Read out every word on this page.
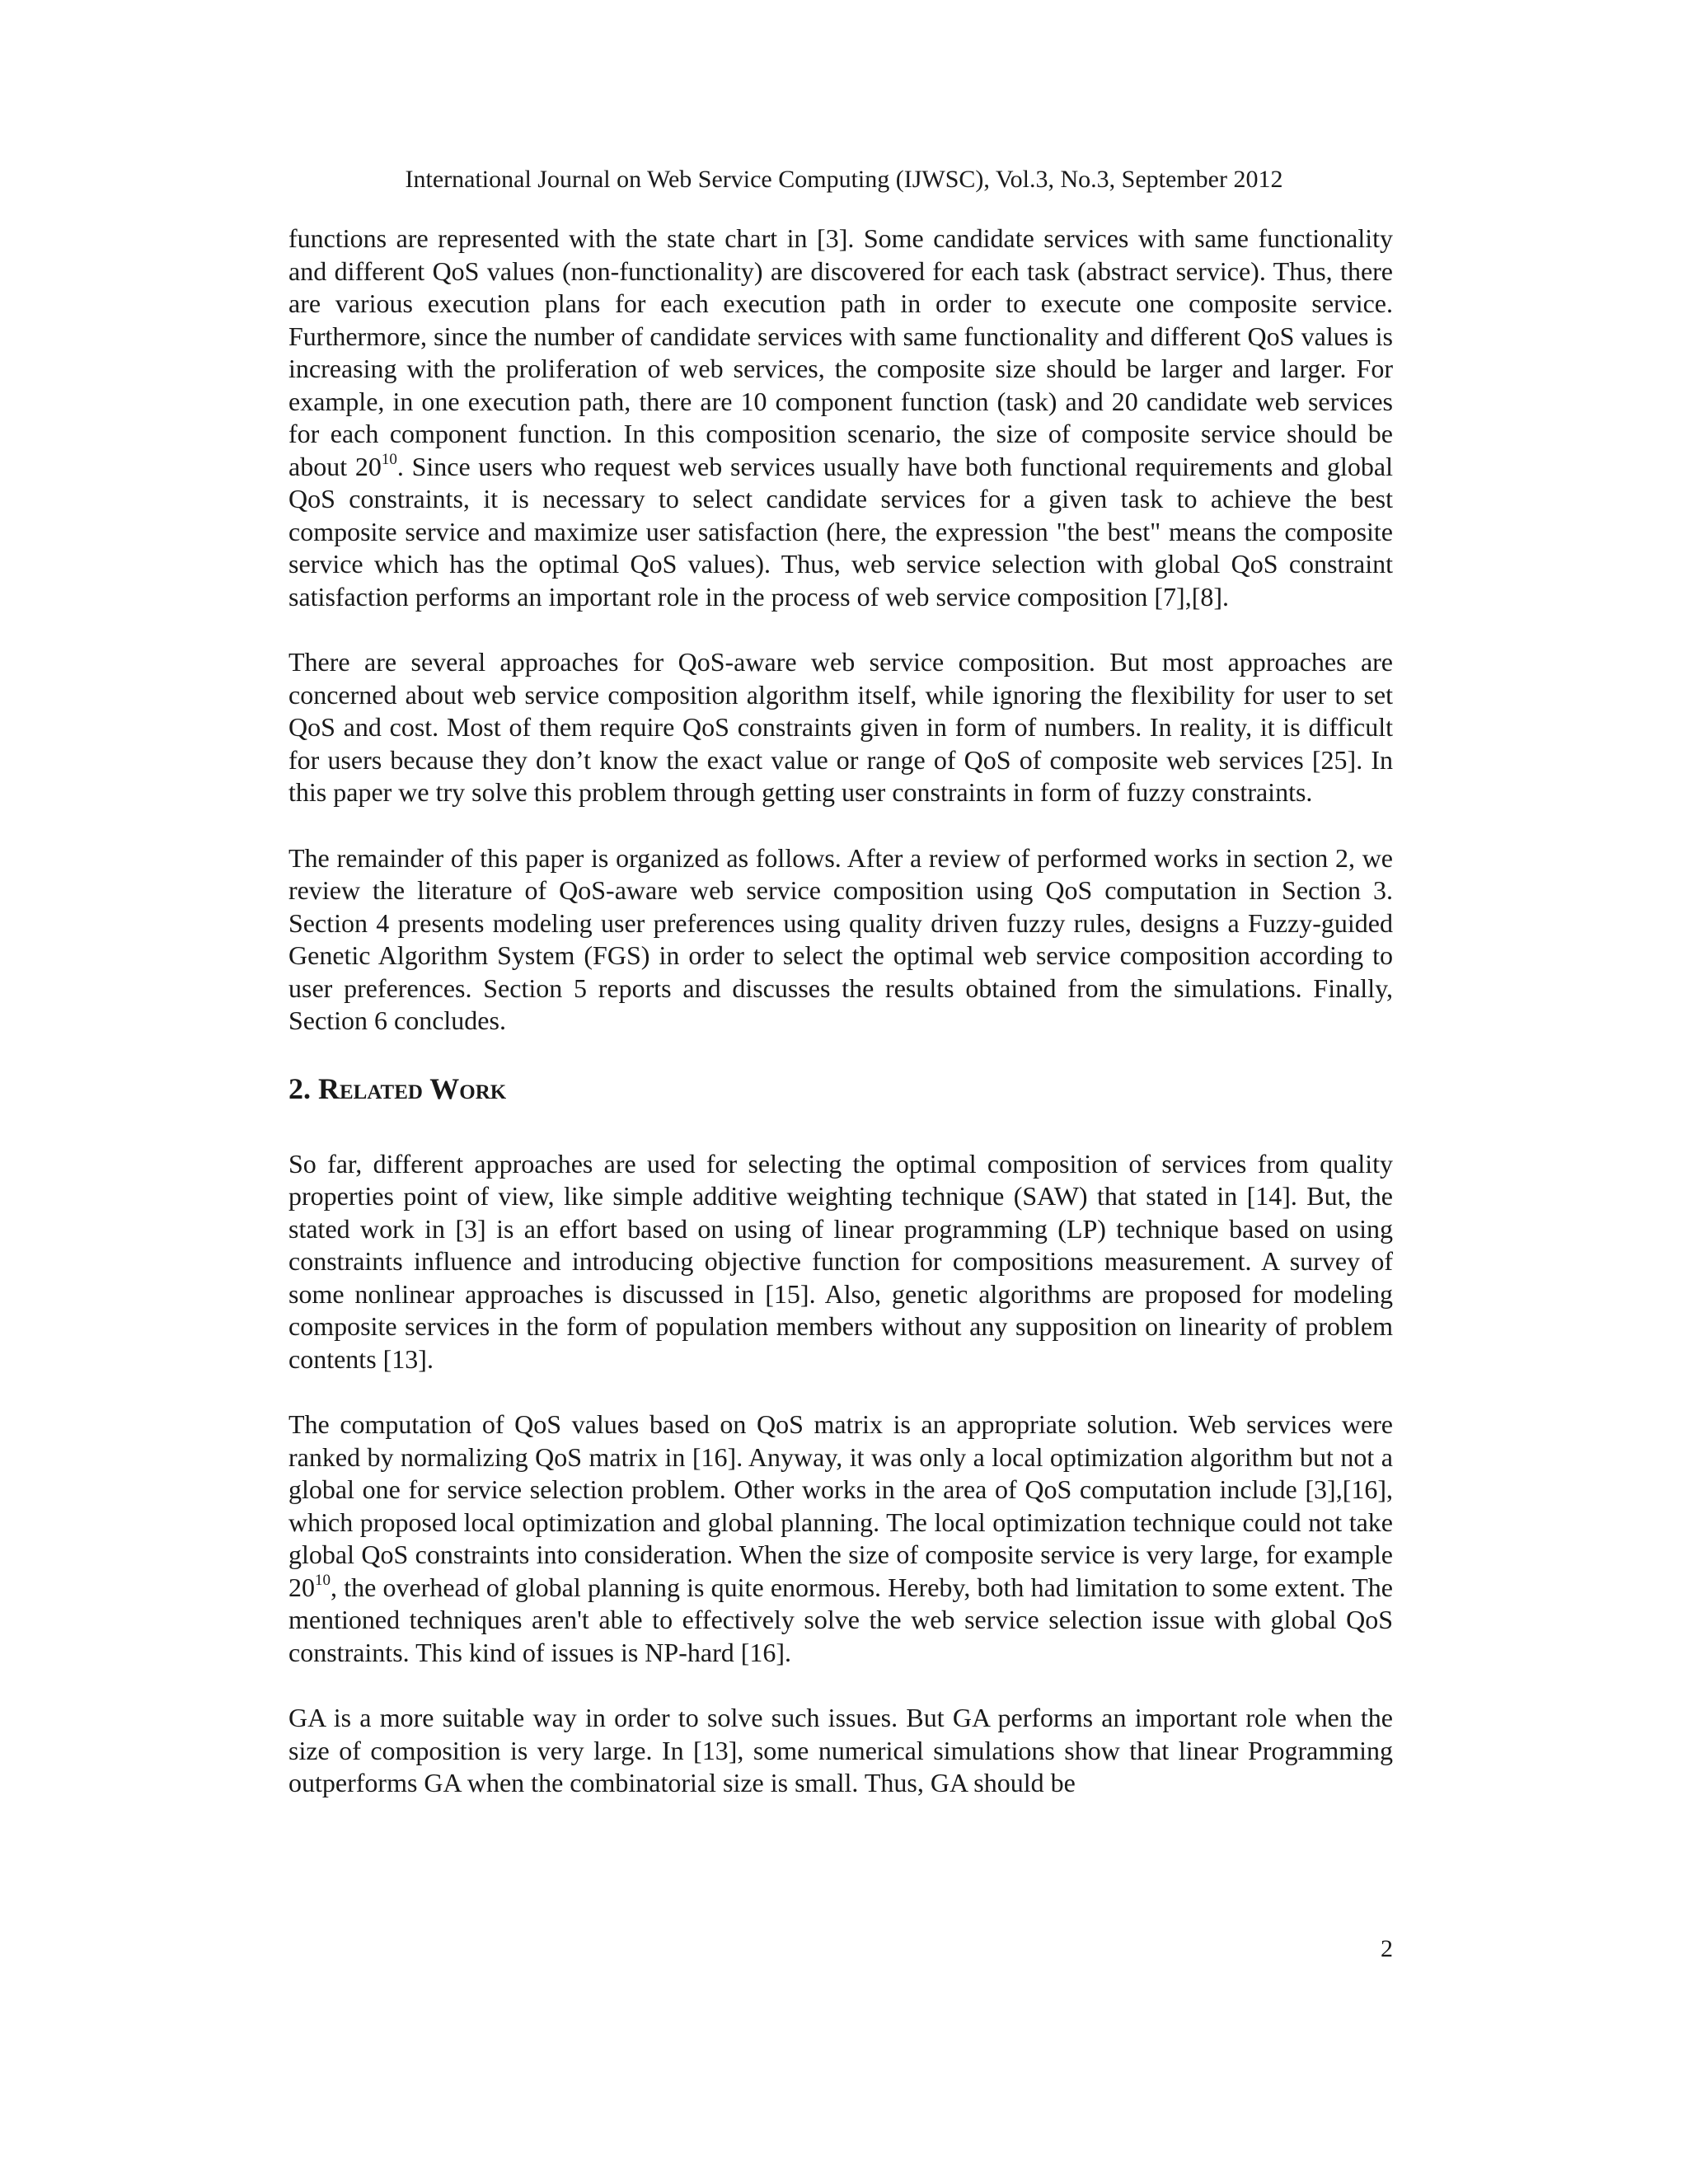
International Journal on Web Service Computing (IJWSC), Vol.3, No.3, September 2012

functions are represented with the state chart in [3]. Some candidate services with same functionality and different QoS values (non-functionality) are discovered for each task (abstract service). Thus, there are various execution plans for each execution path in order to execute one composite service. Furthermore, since the number of candidate services with same functionality and different QoS values is increasing with the proliferation of web services, the composite size should be larger and larger. For example, in one execution path, there are 10 component function (task) and 20 candidate web services for each component function. In this composition scenario, the size of composite service should be about $20^{10}$. Since users who request web services usually have both functional requirements and global QoS constraints, it is necessary to select candidate services for a given task to achieve the best composite service and maximize user satisfaction (here, the expression "the best" means the composite service which has the optimal QoS values). Thus, web service selection with global QoS constraint satisfaction performs an important role in the process of web service composition [7],[8].

There are several approaches for QoS-aware web service composition. But most approaches are concerned about web service composition algorithm itself, while ignoring the flexibility for user to set QoS and cost. Most of them require QoS constraints given in form of numbers. In reality, it is difficult for users because they don’t know the exact value or range of QoS of composite web services [25]. In this paper we try solve this problem through getting user constraints in form of fuzzy constraints.

The remainder of this paper is organized as follows. After a review of performed works in section 2, we review the literature of QoS-aware web service composition using QoS computation in Section 3. Section 4 presents modeling user preferences using quality driven fuzzy rules, designs a Fuzzy-guided Genetic Algorithm System (FGS) in order to select the optimal web service composition according to user preferences. Section 5 reports and discusses the results obtained from the simulations. Finally, Section 6 concludes.

2. Related Work

So far, different approaches are used for selecting the optimal composition of services from quality properties point of view, like simple additive weighting technique (SAW) that stated in [14]. But, the stated work in [3] is an effort based on using of linear programming (LP) technique based on using constraints influence and introducing objective function for compositions measurement. A survey of some nonlinear approaches is discussed in [15]. Also, genetic algorithms are proposed for modeling composite services in the form of population members without any supposition on linearity of problem contents [13].

The computation of QoS values based on QoS matrix is an appropriate solution. Web services were ranked by normalizing QoS matrix in [16]. Anyway, it was only a local optimization algorithm but not a global one for service selection problem. Other works in the area of QoS computation include [3],[16], which proposed local optimization and global planning. The local optimization technique could not take global QoS constraints into consideration. When the size of composite service is very large, for example $20^{10}$, the overhead of global planning is quite enormous. Hereby, both had limitation to some extent. The mentioned techniques aren't able to effectively solve the web service selection issue with global QoS constraints. This kind of issues is NP-hard [16].

GA is a more suitable way in order to solve such issues. But GA performs an important role when the size of composition is very large. In [13], some numerical simulations show that linear Programming outperforms GA when the combinatorial size is small. Thus, GA should be

2
